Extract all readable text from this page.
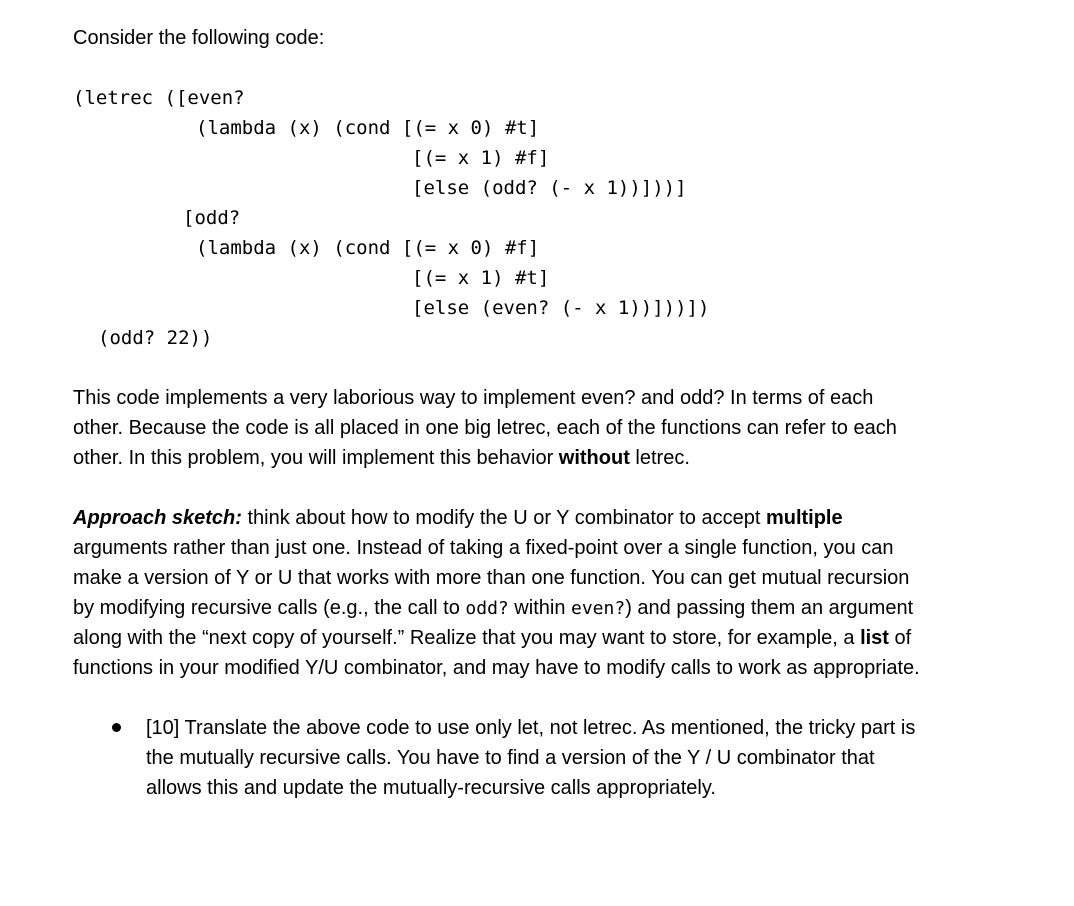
Consider the following code:
(letrec ([even?
(lambda (x) (cond [(= x 0) #t]
[(= x 1) #f]
[else (odd? (- x 1))]))]
[odd?
(lambda (x) (cond [(= x 0) #f]
[(= x 1) #t]
[else (even? (- x 1))]))])
(odd? 22))
This code implements a very laborious way to implement even? and odd? In terms of each
other. Because the code is all placed in one big letrec, each of the functions can refer to each
other. In this problem, you will implement this behavior without letrec.
Approach sketch: think about how to modify the U or Y combinator to accept multiple
arguments rather than just one. Instead of taking a fixed-point over a single function, you can
make a version of Y or U that works with more than one function. You can get mutual recursion
by modifying recursive calls (e.g., the call to odd? within even?) and passing them an argument
along with the “next copy of yourself.” Realize that you may want to store, for example, a list of
functions in your modified Y/U combinator, and may have to modify calls to work as appropriate.
[10] Translate the above code to use only let, not letrec. As mentioned, the tricky part is
the mutually recursive calls. You have to find a version of the Y / U combinator that
allows this and update the mutually-recursive calls appropriately.
